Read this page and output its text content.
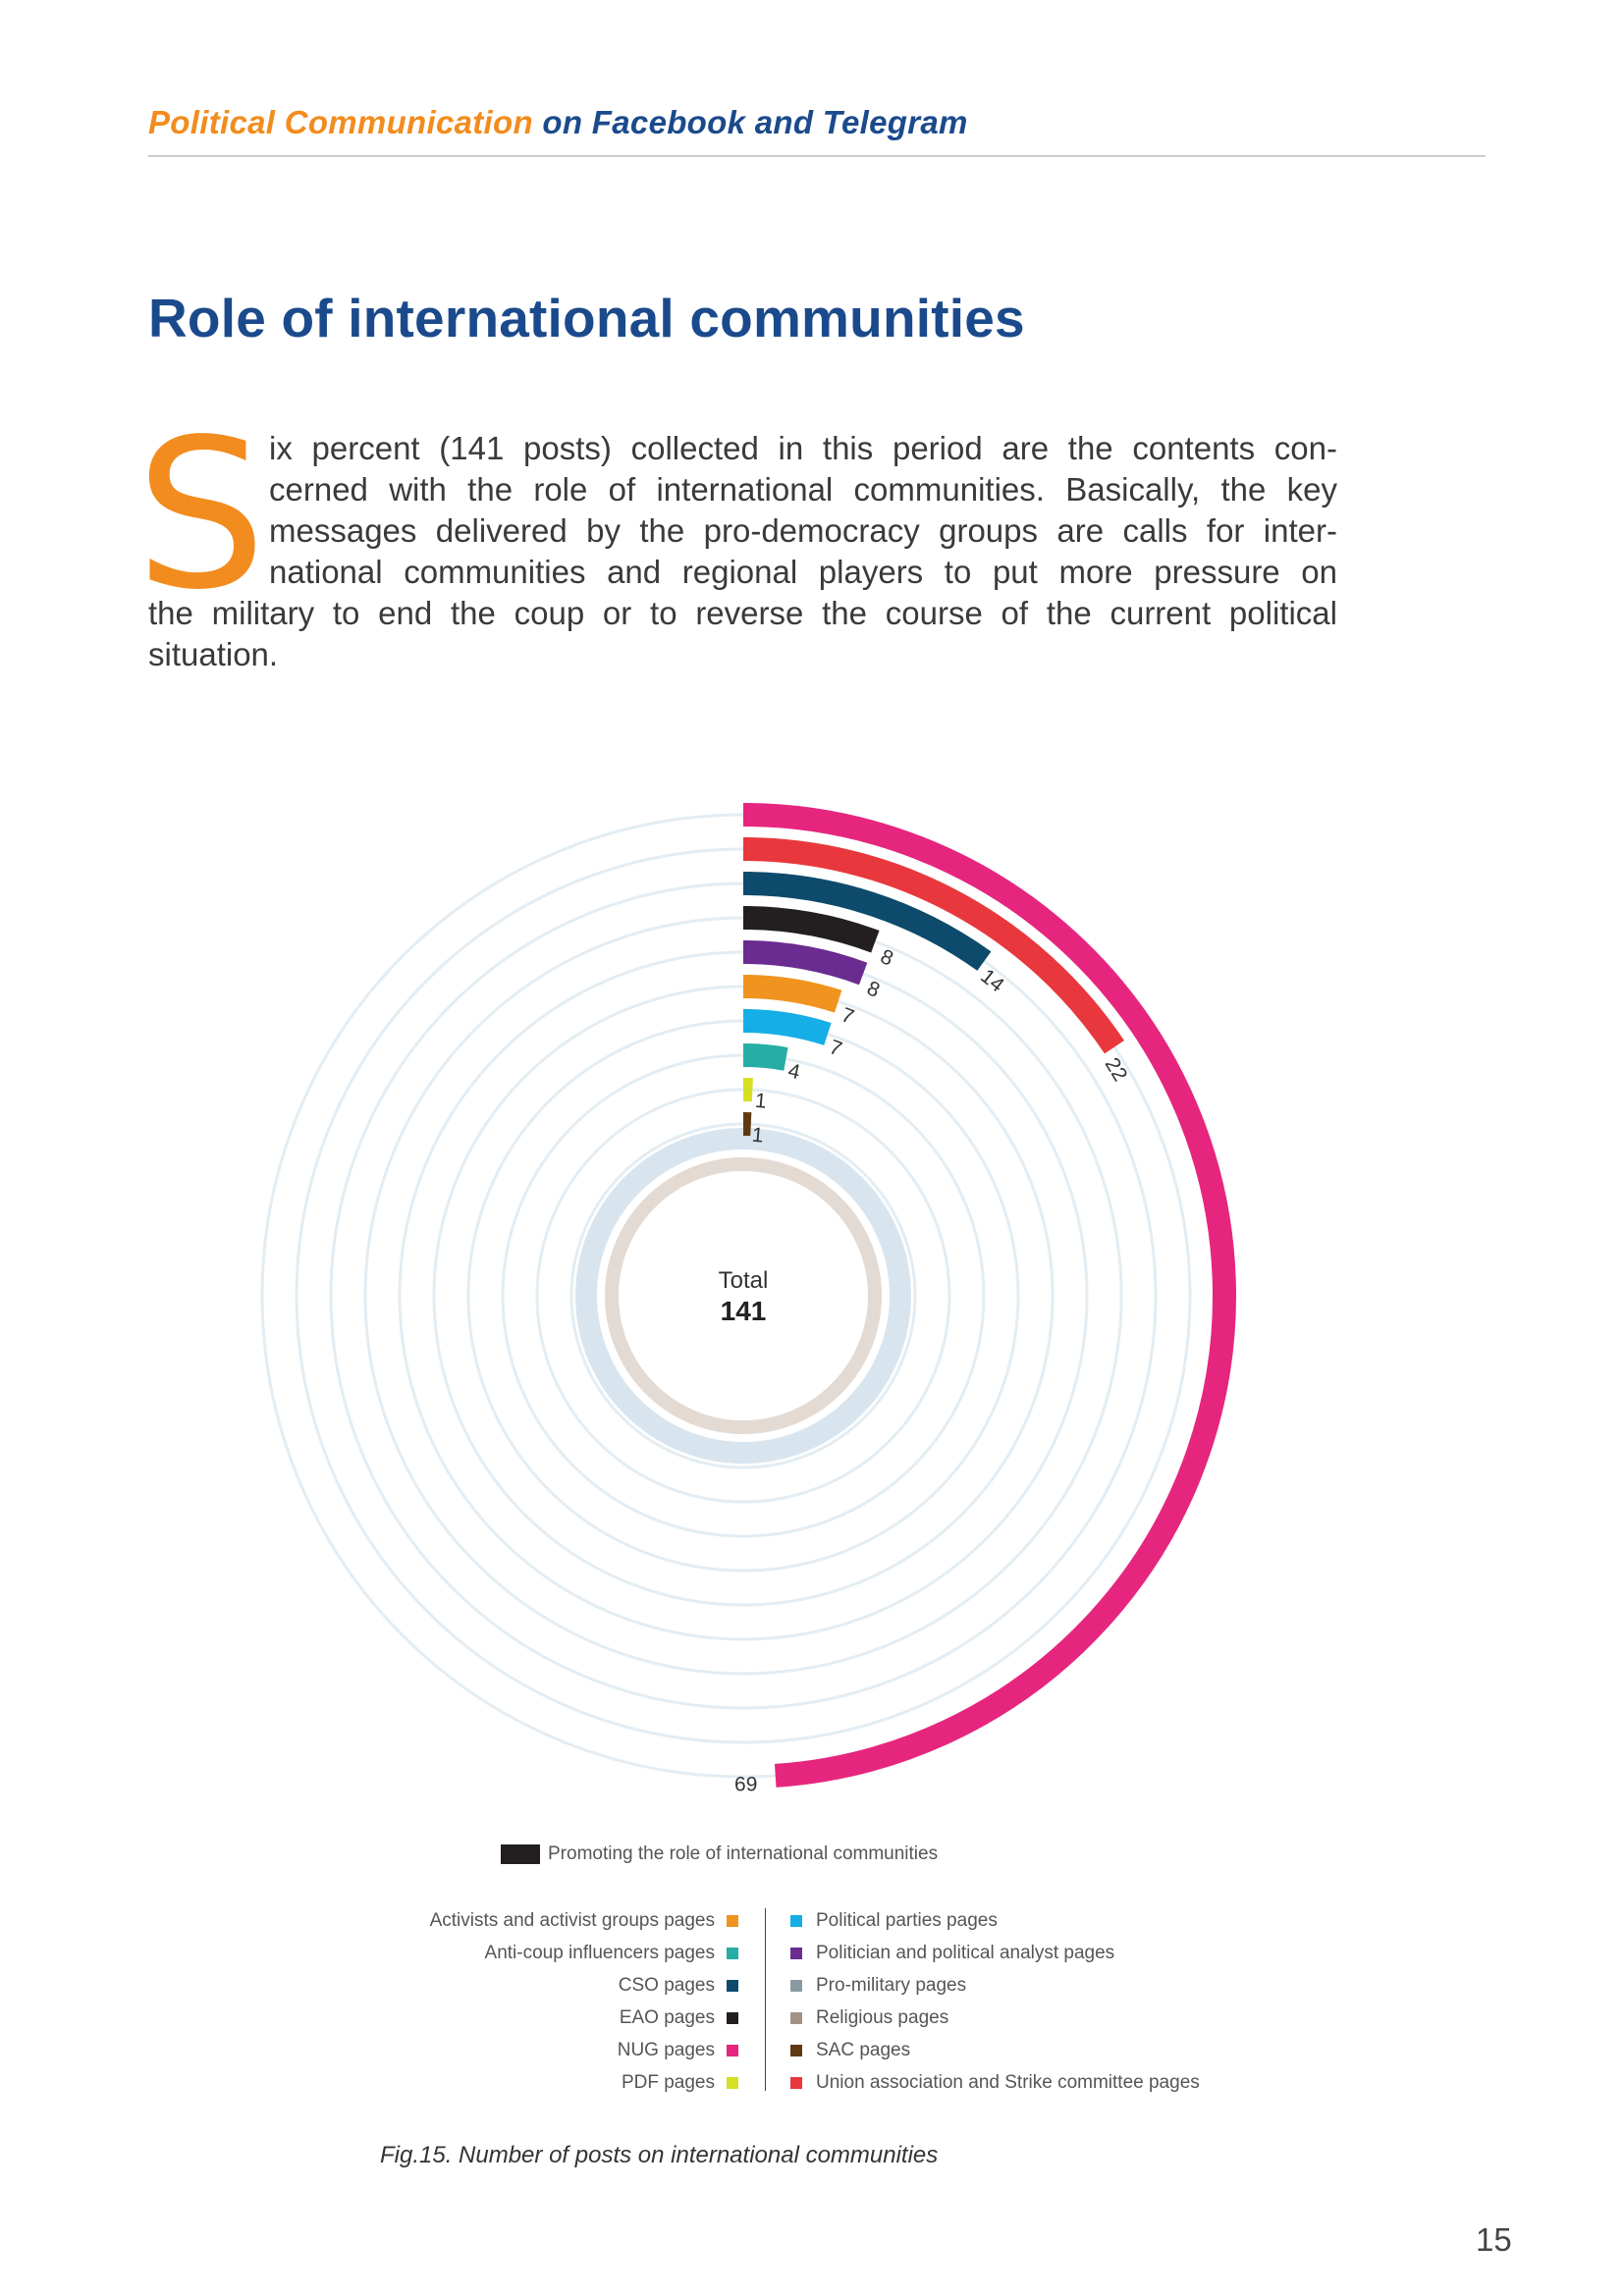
Political Communication on Facebook and Telegram
Role of international communities
S ix percent (141 posts) collected in this period are the contents con-
cerned with the role of international communities. Basically, the key
messages delivered by the pro-democracy groups are calls for inter-
national communities and regional players to put more pressure on
the military to end the coup or to reverse the course of the current political
situation.
69
22
14
8
8
7
7
4
1
1
Total
141
Promoting the role of international communities
Activists and activist groups pages
Anti-coup influencers pages
CSO pages
EAO pages
NUG pages
PDF pages
Political parties pages
Politician and political analyst pages
Pro-military pages
Religious pages
SAC pages
Union association and Strike committee pages
Fig.15. Number of posts on international communities
15
